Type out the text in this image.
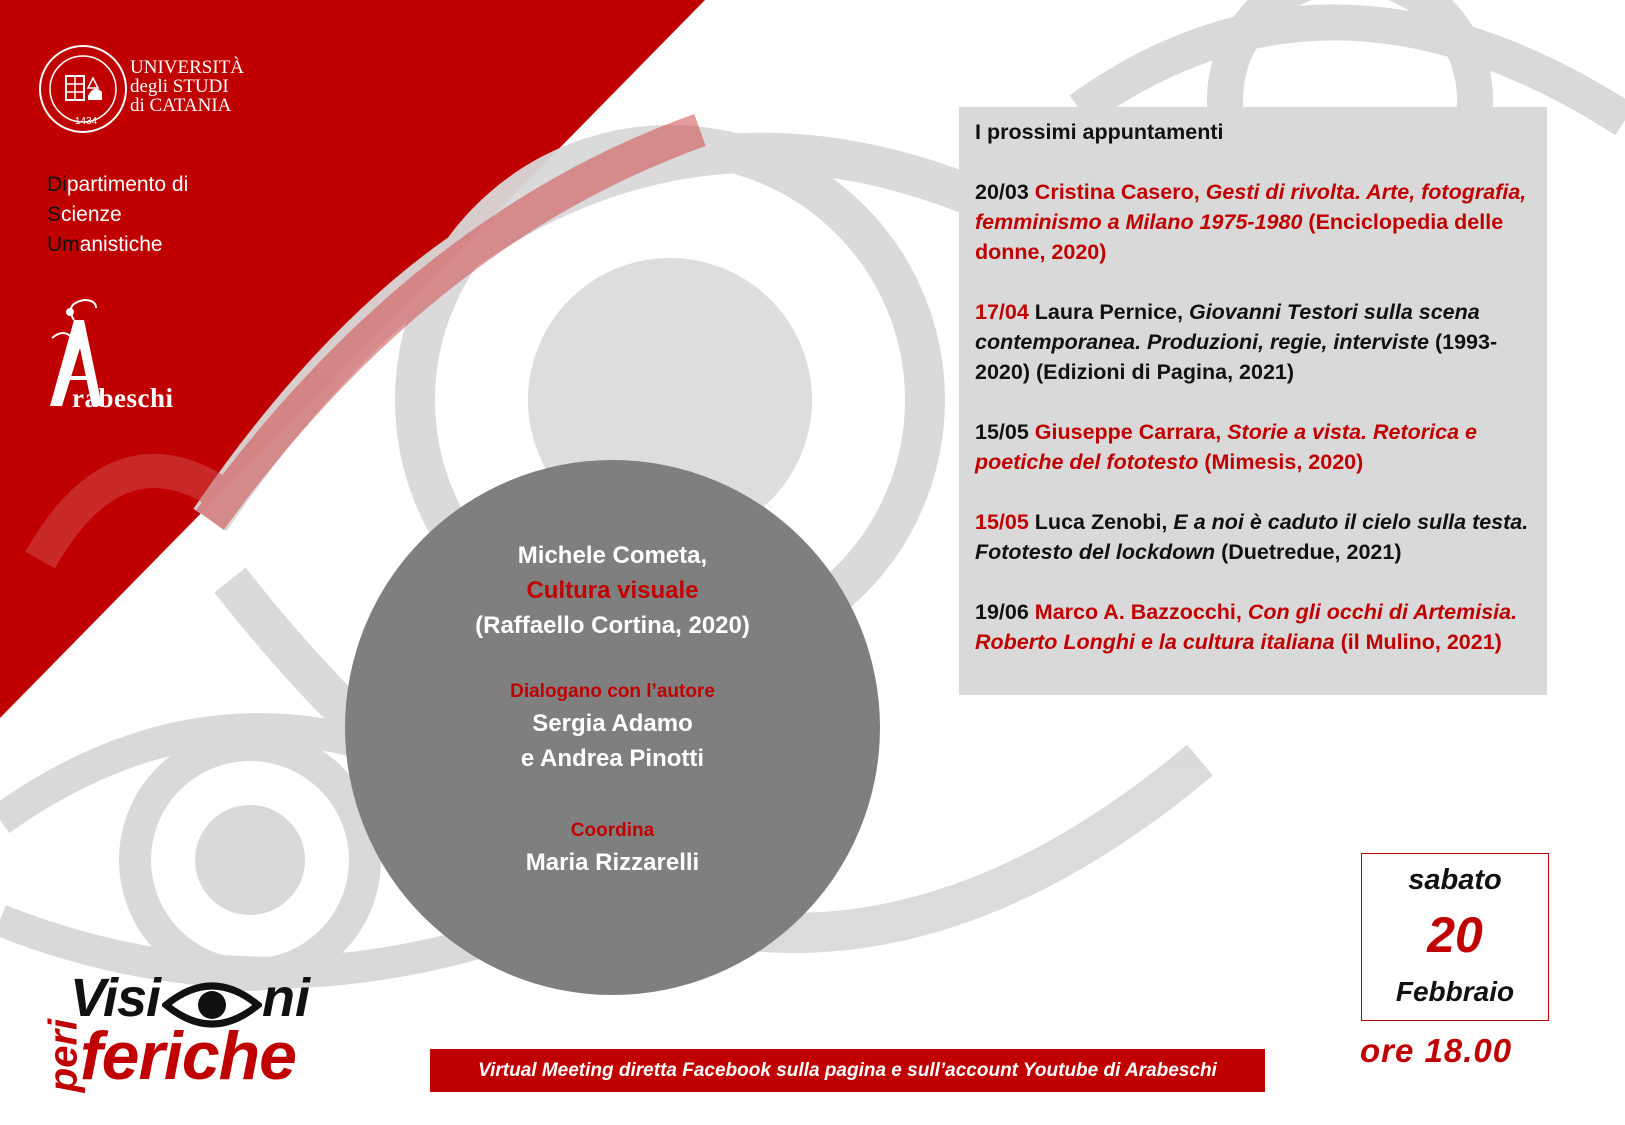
1434
UNIVERSITÀ
degli STUDI
di CATANIA
Dipartimento di
Scienze
Umanistiche
rabeschi
I prossimi appuntamenti
20/03 Cristina Casero, Gesti di rivolta. Arte, fotografia, femminismo a Milano 1975-1980 (Enciclopedia delle donne, 2020)
17/04 Laura Pernice, Giovanni Testori sulla scena contemporanea. Produzioni, regie, interviste (1993-2020) (Edizioni di Pagina, 2021)
15/05 Giuseppe Carrara, Storie a vista. Retorica e poetiche del fototesto (Mimesis, 2020)
15/05 Luca Zenobi, E a noi è caduto il cielo sulla testa. Fototesto del lockdown (Duetredue, 2021)
19/06 Marco A. Bazzocchi, Con gli occhi di Artemisia. Roberto Longhi e la cultura italiana (il Mulino, 2021)
Michele Cometa,
Cultura visuale
(Raffaello Cortina, 2020)
Dialogano con l’autore
Sergia Adamo
e Andrea Pinotti
Coordina
Maria Rizzarelli
sabato
20
Febbraio
ore 18.00
Virtual Meeting diretta Facebook sulla pagina e sull’account Youtube di Arabeschi
peri
Visi ni
feriche
